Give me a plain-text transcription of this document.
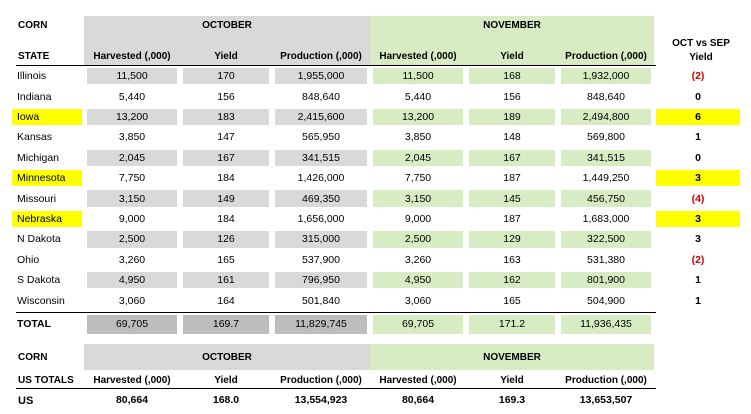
CORN	OCTOBER	NOVEMBER
OCT vs SEP
Yield
STATE	Harvested (,000)	Yield	Production (,000)	Harvested (,000)	Yield	Production (,000)
Illinois	11,500	170	1,955,000	11,500	168	1,932,000	(2)
Indiana	5,440	156	848,640	5,440	156	848,640	0
Iowa	13,200	183	2,415,600	13,200	189	2,494,800	6
Kansas	3,850	147	565,950	3,850	148	569,800	1
Michigan	2,045	167	341,515	2,045	167	341,515	0
Minnesota	7,750	184	1,426,000	7,750	187	1,449,250	3
Missouri	3,150	149	469,350	3,150	145	456,750	(4)
Nebraska	9,000	184	1,656,000	9,000	187	1,683,000	3
N Dakota	2,500	126	315,000	2,500	129	322,500	3
Ohio	3,260	165	537,900	3,260	163	531,380	(2)
S Dakota	4,950	161	796,950	4,950	162	801,900	1
Wisconsin	3,060	164	501,840	3,060	165	504,900	1
TOTAL	69,705	169.7	11,829,745	69,705	171.2	11,936,435
CORN	OCTOBER	NOVEMBER
US TOTALS	Harvested (,000)	Yield	Production (,000)	Harvested (,000)	Yield	Production (,000)
US	80,664	168.0	13,554,923	80,664	169.3	13,653,507
